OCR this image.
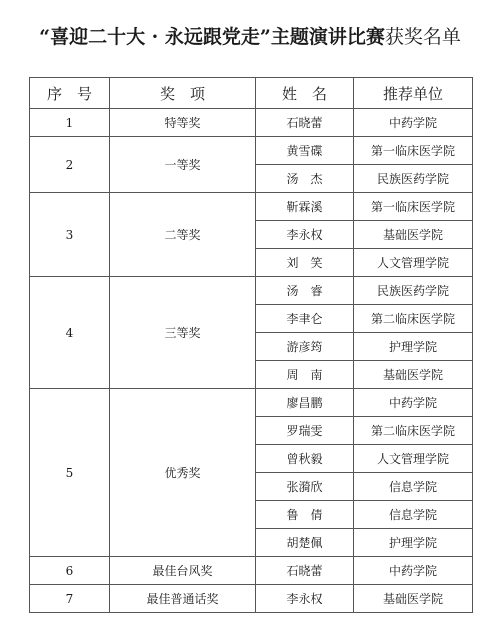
“喜迎二十大 · 永远跟党走”主题演讲比赛获奖名单
序　号	奖　项	姓　名	推荐单位
1	特等奖	石晓蕾	中药学院
2	一等奖	黄雪碟	第一临床医学院
		汤　杰	民族医药学院
3	二等奖	靳霖溪	第一临床医学院
		李永权	基础医学院
		刘　笑	人文管理学院
4	三等奖	汤　睿	民族医药学院
		李聿仑	第二临床医学院
		游彦筠	护理学院
		周　南	基础医学院
5	优秀奖	廖昌鹏	中药学院
		罗瑞雯	第二临床医学院
		曾秋毅	人文管理学院
		张漪欣	信息学院
		鲁　倩	信息学院
		胡楚佩	护理学院
6	最佳台风奖	石晓蕾	中药学院
7	最佳普通话奖	李永权	基础医学院
